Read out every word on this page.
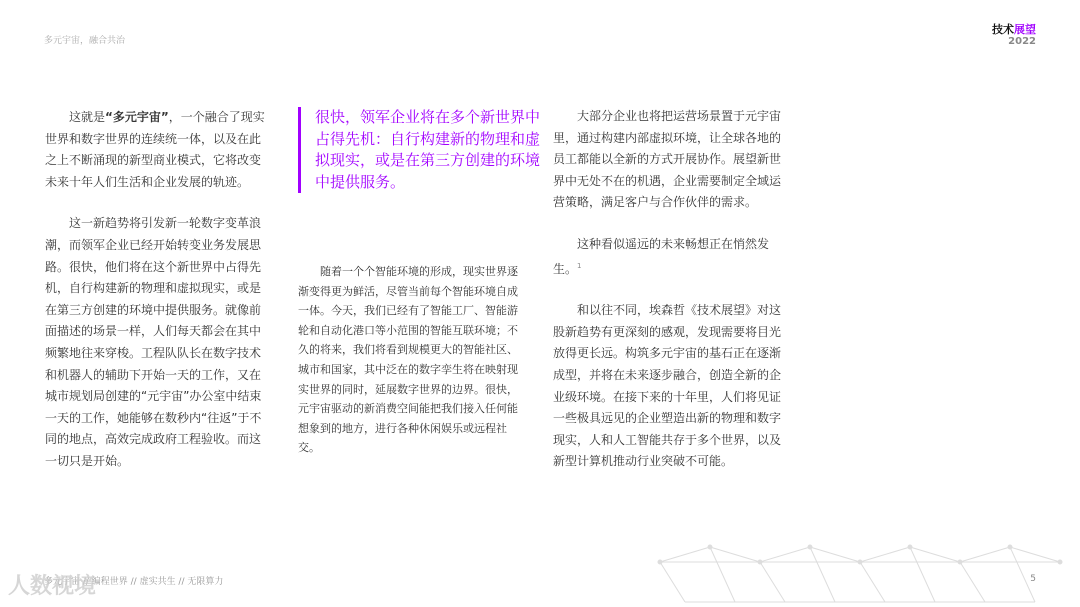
多元宇宙，融合共治
技术展望
2022

这就是“多元宇宙”，一个融合了现实世界和数字世界的连续统一体，以及在此之上不断涌现的新型商业模式，它将改变未来十年人们生活和企业发展的轨迹。

这一新趋势将引发新一轮数字变革浪潮，而领军企业已经开始转变业务发展思路。很快，他们将在这个新世界中占得先机，自行构建新的物理和虚拟现实，或是在第三方创建的环境中提供服务。就像前面描述的场景一样，人们每天都会在其中频繁地往来穿梭。工程队队长在数字技术和机器人的辅助下开始一天的工作，又在城市规划局创建的“元宇宙”办公室中结束一天的工作，她能够在数秒内“往返”于不同的地点，高效完成政府工程验收。而这一切只是开始。

很快，领军企业将在多个新世界中占得先机：自行构建新的物理和虚拟现实，或是在第三方创建的环境中提供服务。

随着一个个智能环境的形成，现实世界逐渐变得更为鲜活，尽管当前每个智能环境自成一体。今天，我们已经有了智能工厂、智能游轮和自动化港口等小范围的智能互联环境；不久的将来，我们将看到规模更大的智能社区、城市和国家，其中泛在的数字孪生将在映射现实世界的同时，延展数字世界的边界。很快，元宇宙驱动的新消费空间能把我们接入任何能想象到的地方，进行各种休闲娱乐或远程社交。

大部分企业也将把运营场景置于元宇宙里，通过构建内部虚拟环境，让全球各地的员工都能以全新的方式开展协作。展望新世界中无处不在的机遇，企业需要制定全域运营策略，满足客户与合作伙伴的需求。

这种看似遥远的未来畅想正在悄然发生。$^1$

和以往不同，埃森哲《技术展望》对这股新趋势有更深刻的感观，发现需要将目光放得更长远。构筑多元宇宙的基石正在逐渐成型，并将在未来逐步融合，创造全新的企业级环境。在接下来的十年里，人们将见证一些极具远见的企业塑造出新的物理和数字现实，人和人工智能共存于多个世界，以及新型计算机推动行业突破不可能。

多元宇宙 // 编程世界 // 虚实共生 // 无限算力	5
人数视境
